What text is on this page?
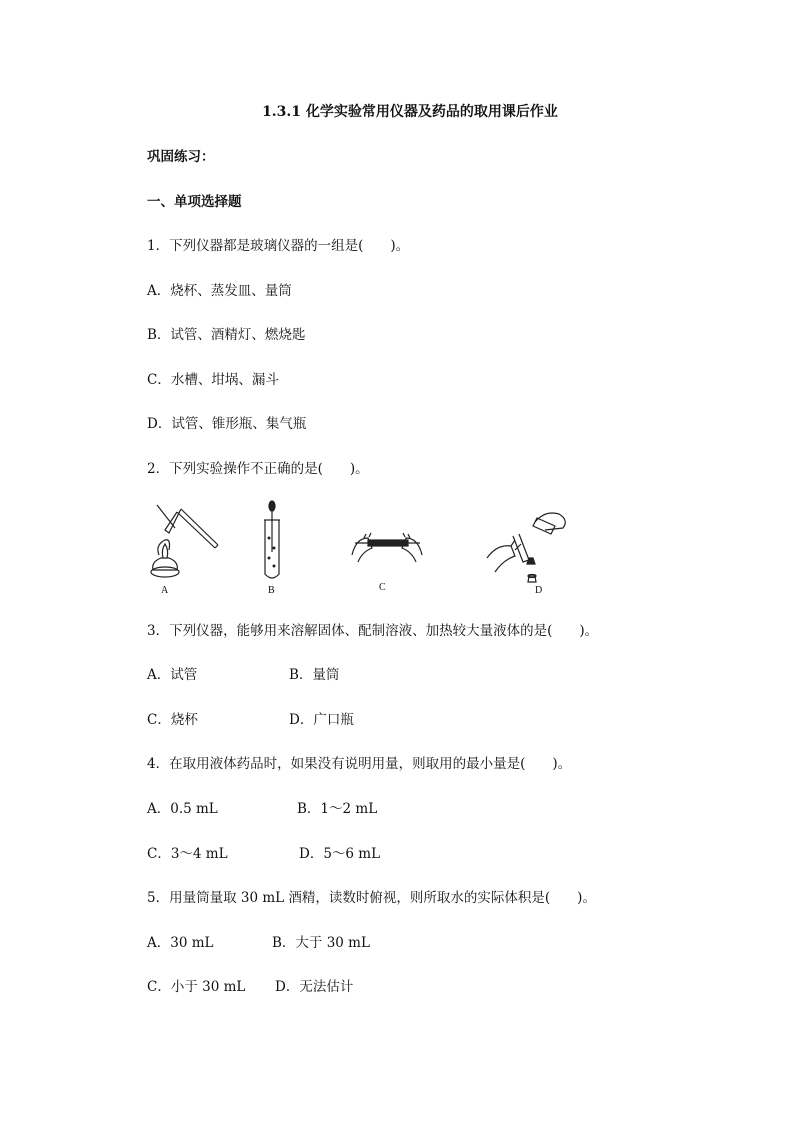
1.3.1 化学实验常用仪器及药品的取用课后作业
巩固练习：
一、单项选择题
1．下列仪器都是玻璃仪器的一组是(　　)。
A．烧杯、蒸发皿、量筒
B．试管、酒精灯、燃烧匙
C．水槽、坩埚、漏斗
D．试管、锥形瓶、集气瓶
2．下列实验操作不正确的是(　　)。
A	B	C	D
3．下列仪器，能够用来溶解固体、配制溶液、加热较大量液体的是(　　)。
A．试管	B．量筒
C．烧杯	D．广口瓶
4．在取用液体药品时，如果没有说明用量，则取用的最小量是(　　)。
A．0.5 mL	B．1～2 mL
C．3～4 mL	D．5～6 mL
5．用量筒量取 30 mL 酒精，读数时俯视，则所取水的实际体积是(　　)。
A．30 mL	B．大于 30 mL
C．小于 30 mL D．无法估计
